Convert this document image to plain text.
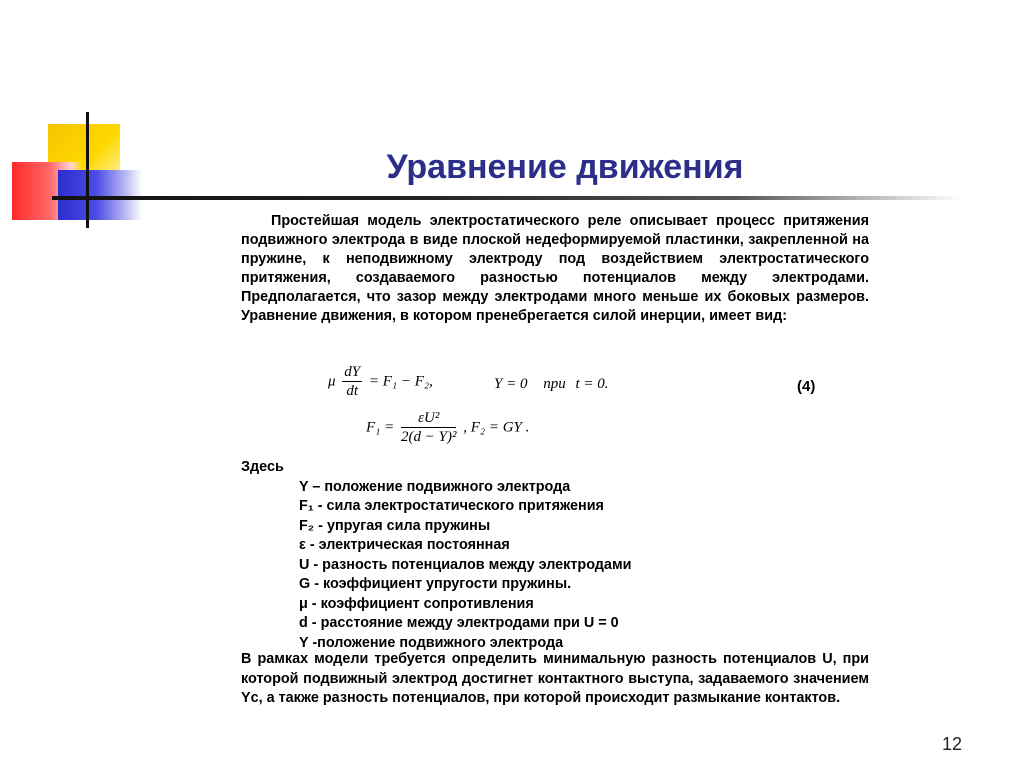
Уравнение движения
Простейшая модель электростатического реле описывает процесс притяжения подвижного электрода в виде плоской недеформируемой пластинки, закрепленной на пружине, к неподвижному электроду под воздействием электростатического притяжения, создаваемого разностью потенциалов между электродами. Предполагается, что зазор между электродами много меньше их боковых размеров. Уравнение движения, в котором пренебрегается силой инерции, имеет вид:
μ $\frac{dY}{dt} = F_1 - F_2$,	Y = 0 при t = 0.	(4)
$F_1 = \frac{\text{εU²}}{\text{2(d − Y)²}}$ , F₂ = GY .
Здесь
Y – положение подвижного электрода
F₁ - сила электростатического притяжения
F₂ - упругая сила пружины
ε - электрическая постоянная
U - разность потенциалов между электродами
G - коэффициент упругости пружины.
μ - коэффициент сопротивления
d - расстояние между электродами при U = 0
Y -положение подвижного электрода
В рамках модели требуется определить минимальную разность потенциалов U, при которой подвижный электрод достигнет контактного выступа, задаваемого значением Yc, а также разность потенциалов, при которой происходит размыкание контактов.
12
